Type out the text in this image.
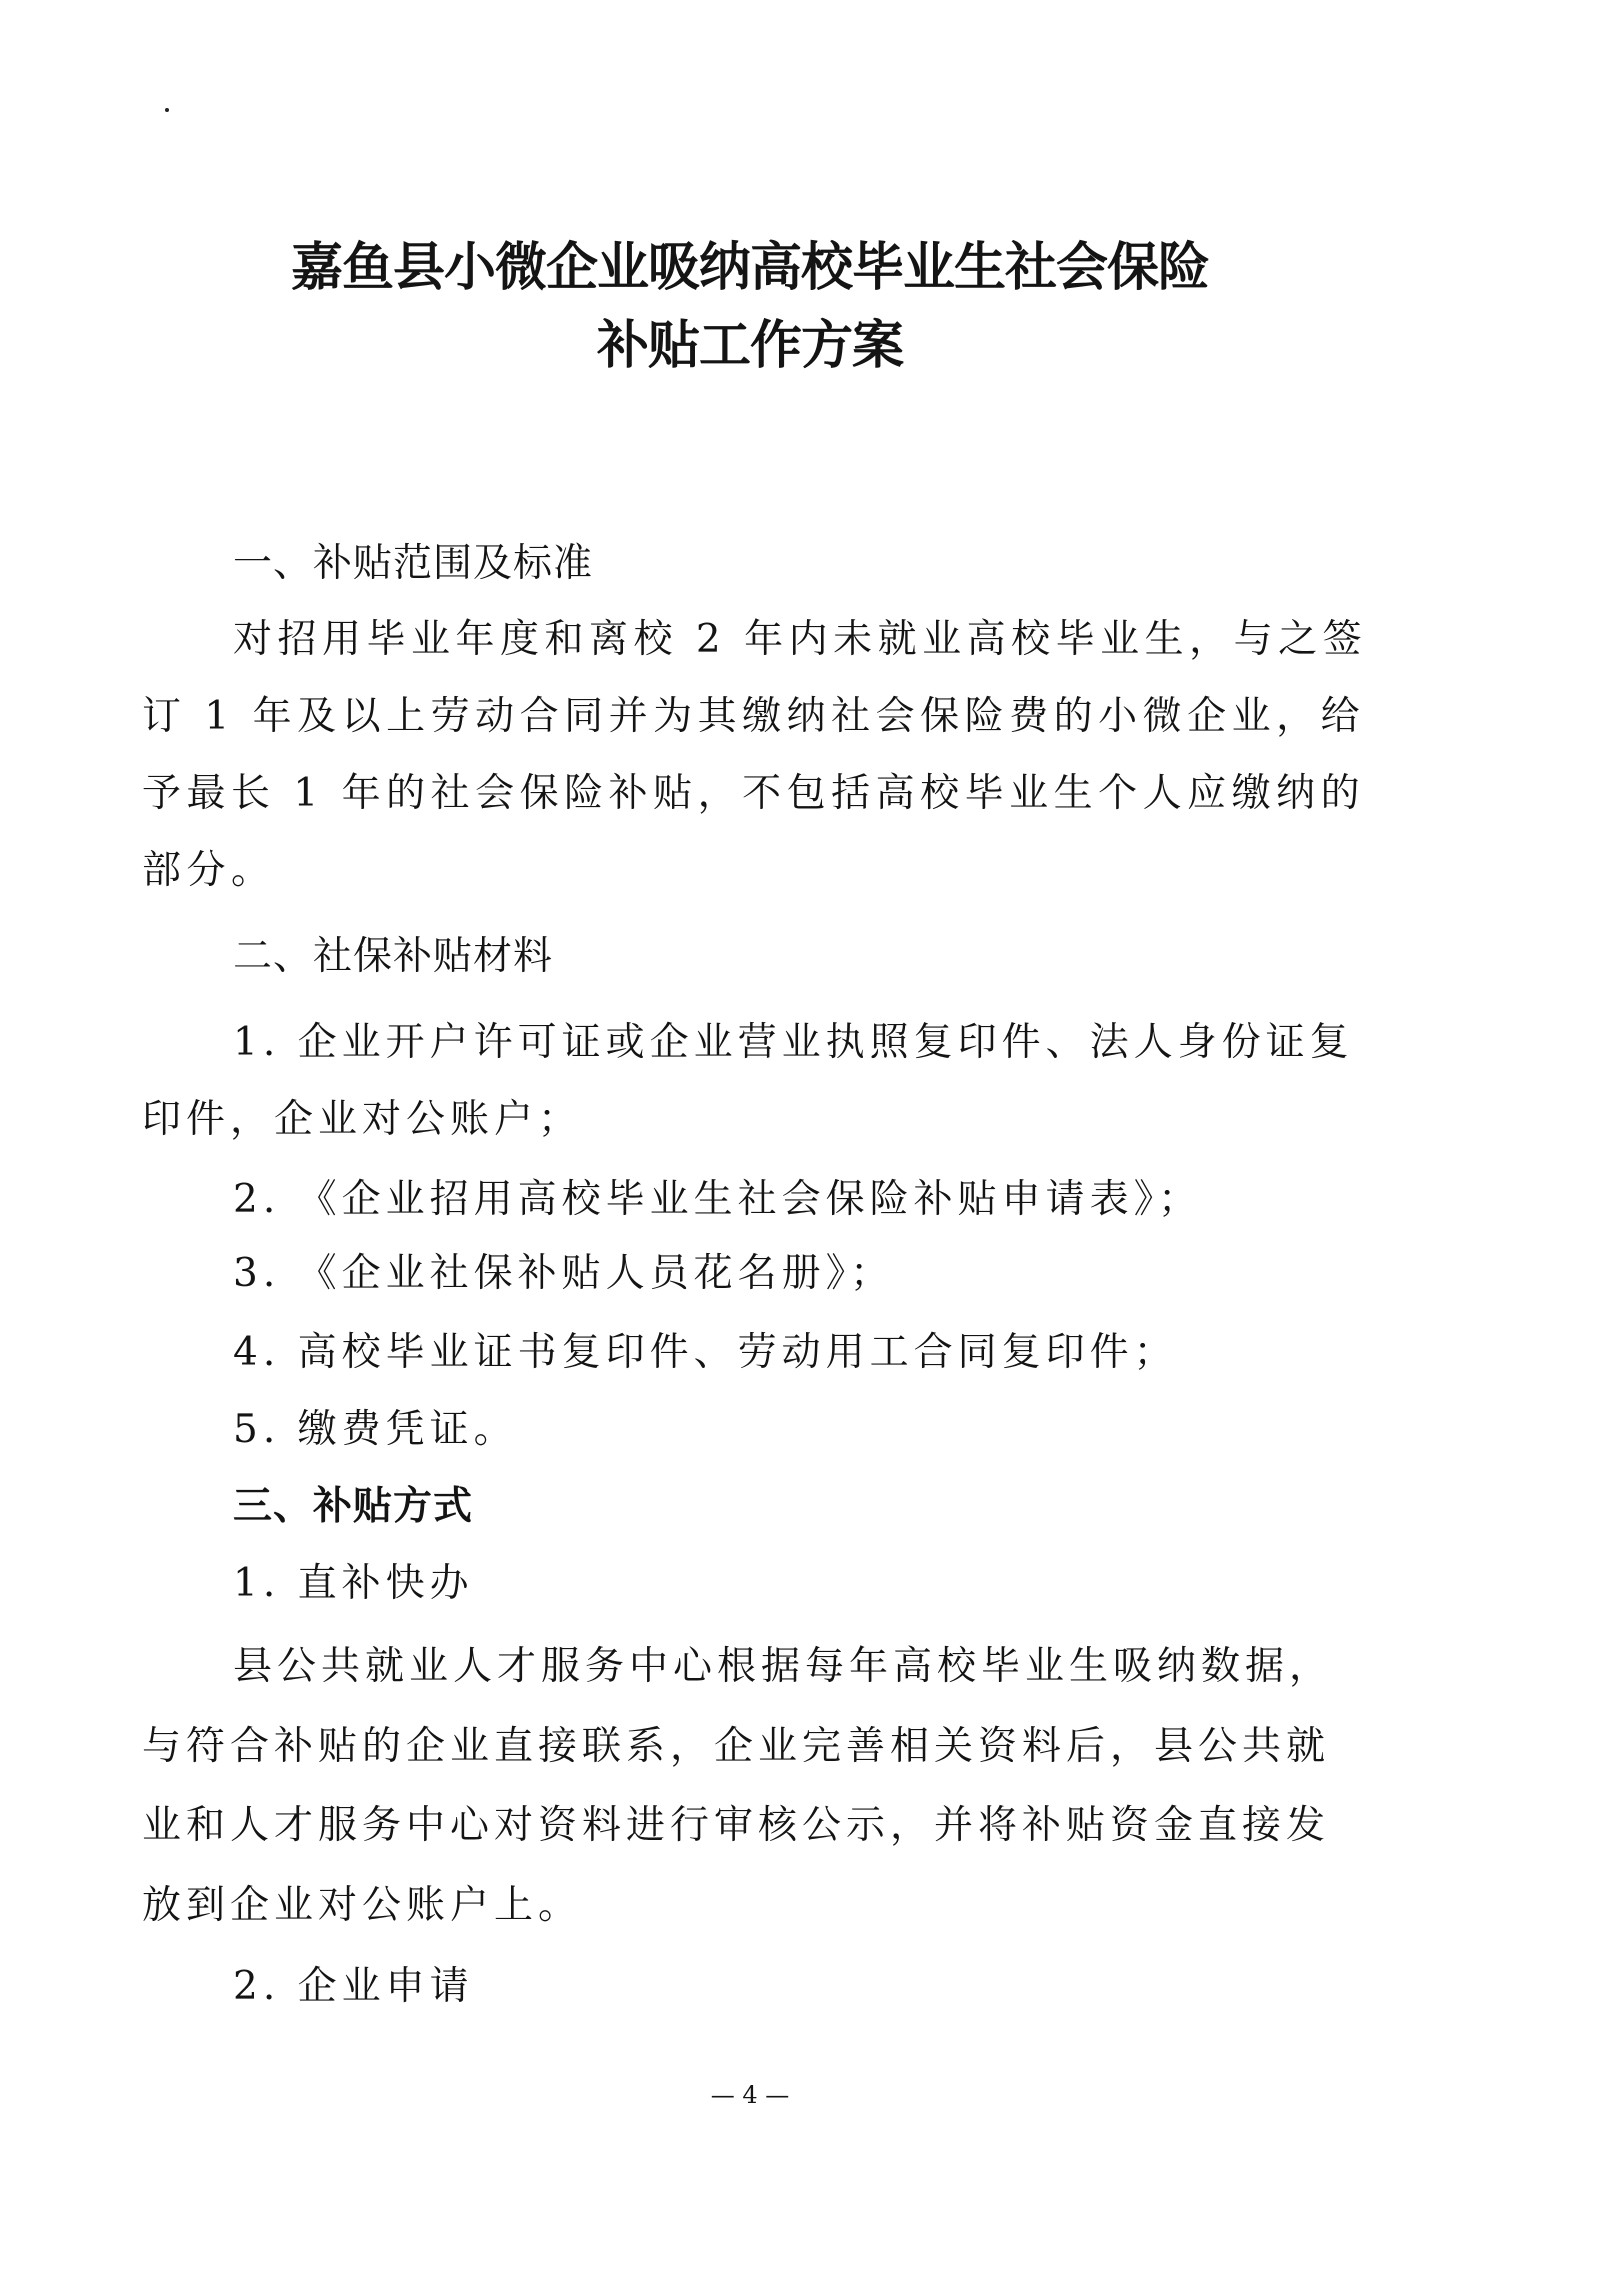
嘉鱼县小微企业吸纳高校毕业生社会保险
补贴工作方案
一、补贴范围及标准
对招用毕业年度和离校 2 年内未就业高校毕业生，与之签
订 1 年及以上劳动合同并为其缴纳社会保险费的小微企业，给
予最长 1 年的社会保险补贴，不包括高校毕业生个人应缴纳的
部分。
二、社保补贴材料
1. 企业开户许可证或企业营业执照复印件、法人身份证复
印件，企业对公账户；
2. 《企业招用高校毕业生社会保险补贴申请表》；
3. 《企业社保补贴人员花名册》；
4. 高校毕业证书复印件、劳动用工合同复印件；
5. 缴费凭证。
三、补贴方式
1. 直补快办
县公共就业人才服务中心根据每年高校毕业生吸纳数据，
与符合补贴的企业直接联系，企业完善相关资料后，县公共就
业和人才服务中心对资料进行审核公示，并将补贴资金直接发
放到企业对公账户上。
2. 企业申请
— 4 —
